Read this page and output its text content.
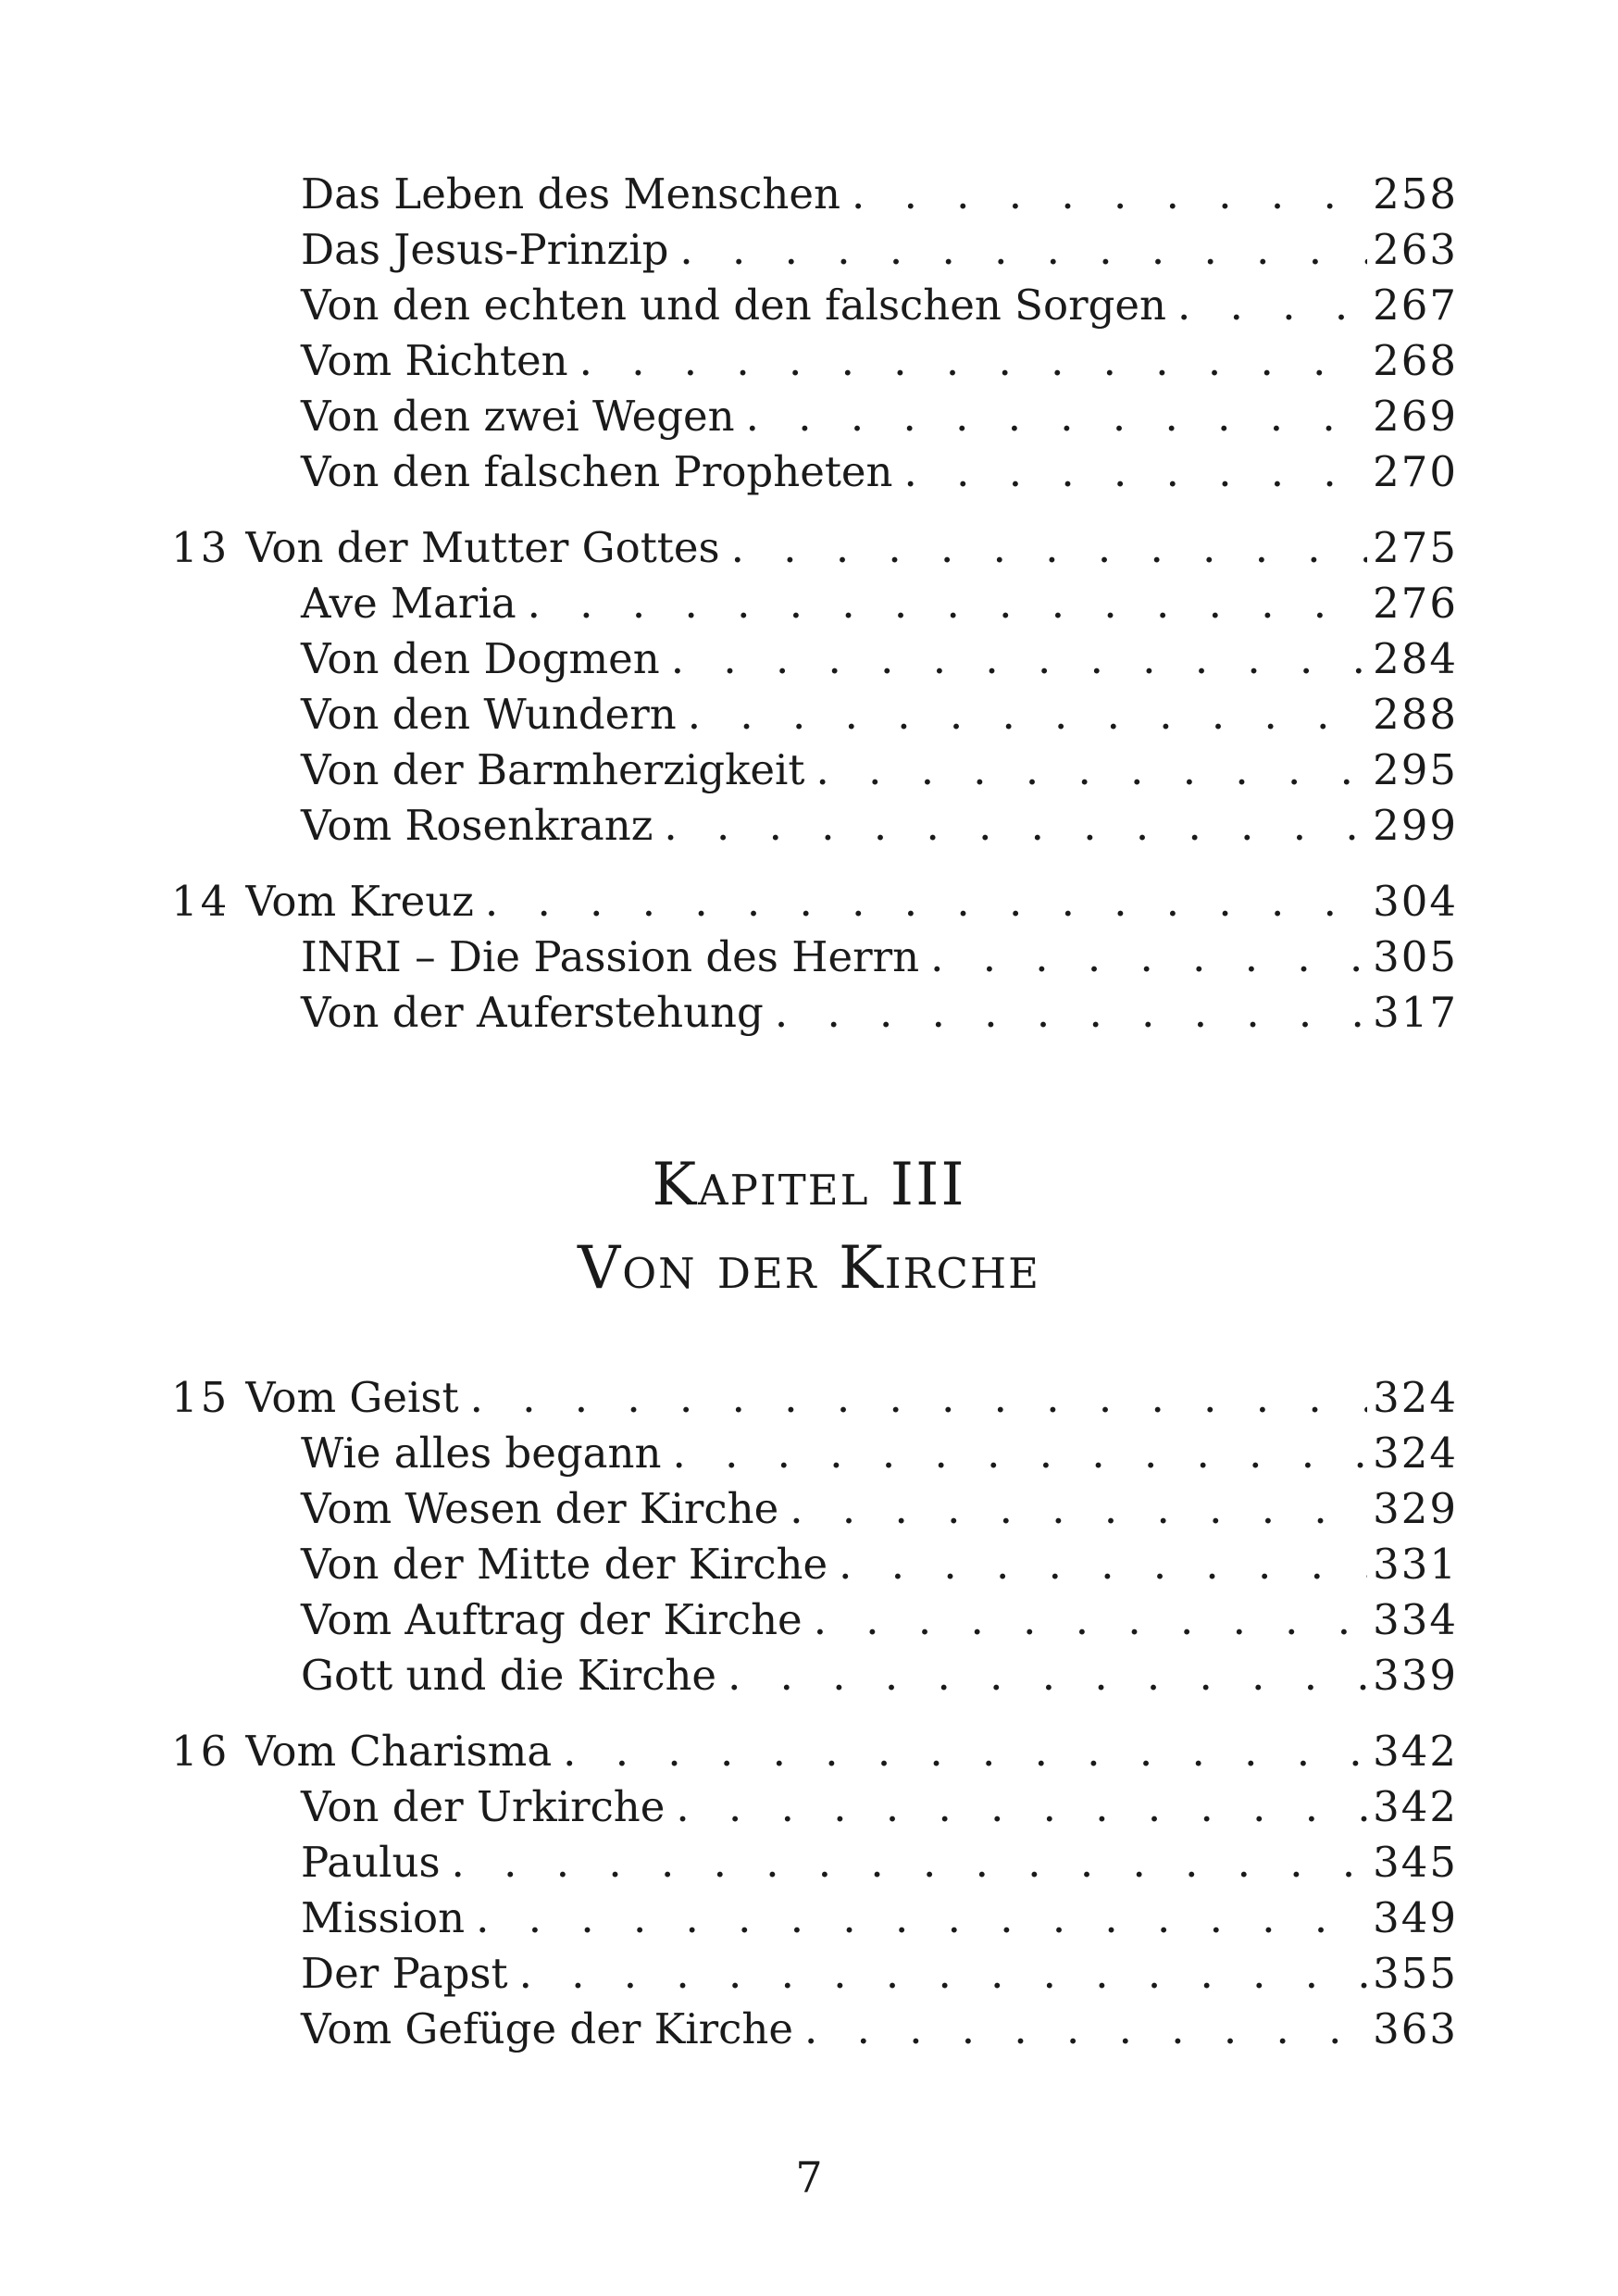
Das Leben des Menschen . . .	258
Das Jesus-Prinzip . . .	263
Von den echten und den falschen Sorgen . . .	267
Vom Richten . . .	268
Von den zwei Wegen . . .	269
Von den falschen Propheten . . .	270
13 Von der Mutter Gottes . . .	275
Ave Maria . . .	276
Von den Dogmen . . .	284
Von den Wundern . . .	288
Von der Barmherzigkeit . . .	295
Vom Rosenkranz . . .	299
14 Vom Kreuz . . .	304
INRI – Die Passion des Herrn . . .	305
Von der Auferstehung . . .	317
Kapitel III
Von der Kirche
15 Vom Geist . . .	324
Wie alles begann . . .	324
Vom Wesen der Kirche . . .	329
Von der Mitte der Kirche . . .	331
Vom Auftrag der Kirche . . .	334
Gott und die Kirche . . .	339
16 Vom Charisma . . .	342
Von der Urkirche . . .	342
Paulus . . .	345
Mission . . .	349
Der Papst . . .	355
Vom Gefüge der Kirche . . .	363
7
